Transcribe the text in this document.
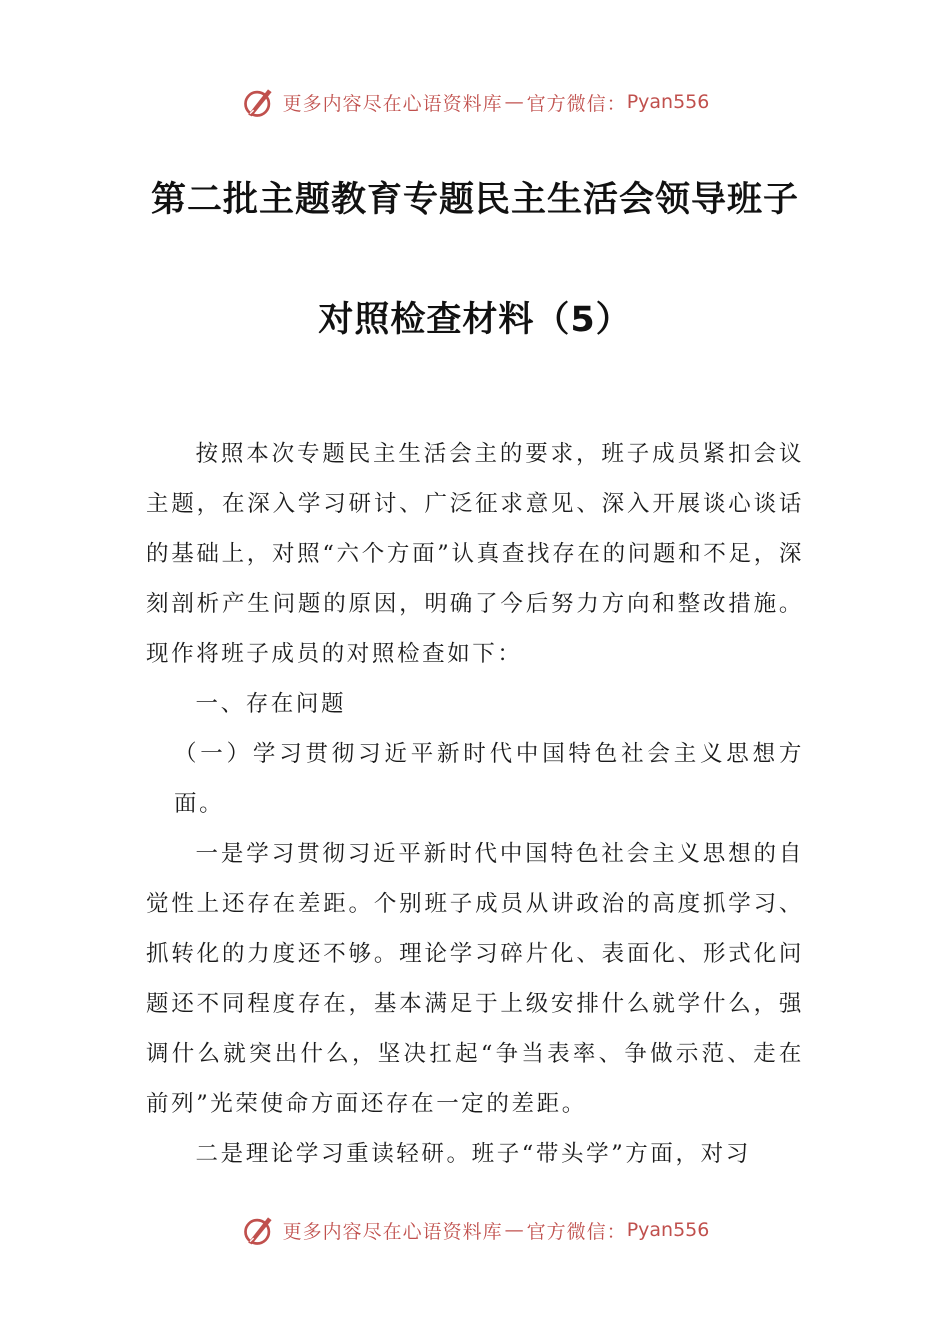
更多内容尽在心语资料库 — 官方微信： Pyan556
第二批主题教育专题民主生活会领导班子
对照检查材料（5）

按照本次专题民主生活会主的要求，班子成员紧扣会议主题，在深入学习研讨、广泛征求意见、深入开展谈心谈话的基础上，对照“六个方面”认真查找存在的问题和不足，深刻剖析产生问题的原因，明确了今后努力方向和整改措施。现作将班子成员的对照检查如下：

一、存在问题

（一）学习贯彻习近平新时代中国特色社会主义思想方面。

一是学习贯彻习近平新时代中国特色社会主义思想的自觉性上还存在差距。个别班子成员从讲政治的高度抓学习、抓转化的力度还不够。理论学习碎片化、表面化、形式化问题还不同程度存在，基本满足于上级安排什么就学什么，强调什么就突出什么，坚决扛起“争当表率、争做示范、走在前列”光荣使命方面还存在一定的差距。

二是理论学习重读轻研。班子“带头学”方面，对习

更多内容尽在心语资料库 — 官方微信： Pyan556
